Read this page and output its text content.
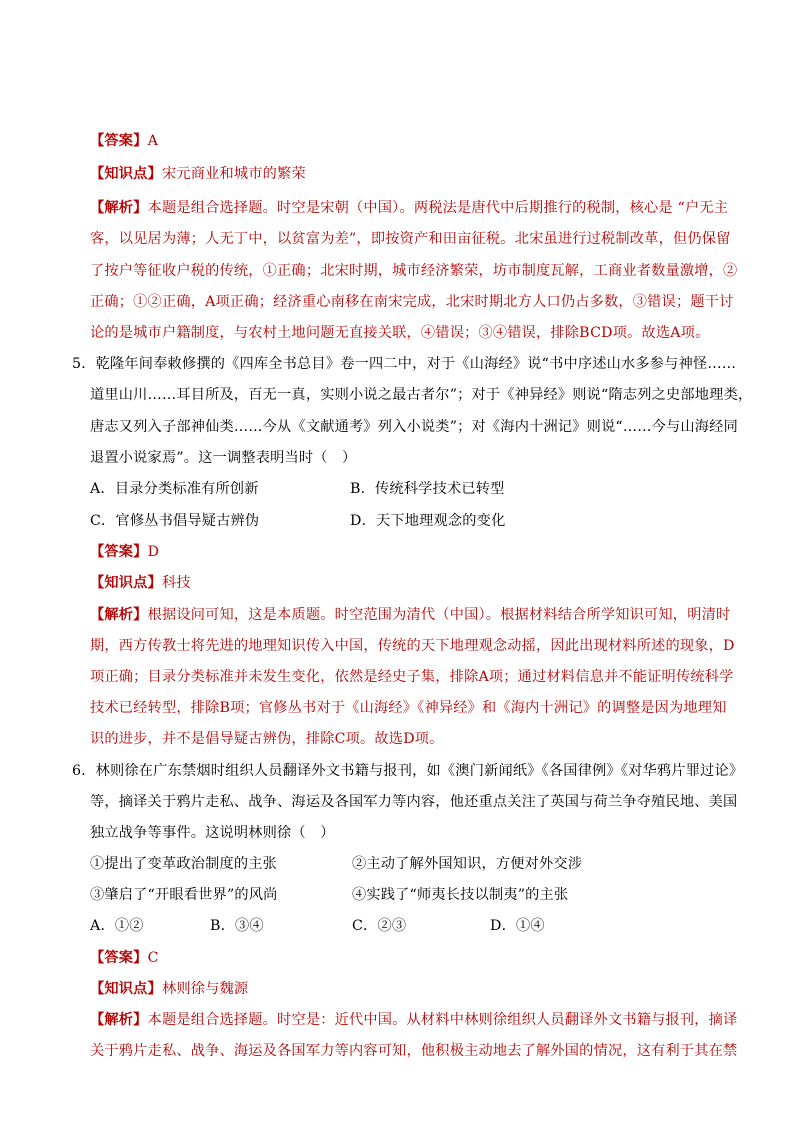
【答案】A
【知识点】宋元商业和城市的繁荣
【解析】本题是组合选择题。时空是宋朝（中国）。两税法是唐代中后期推行的税制，核心是 “户无主
客，以见居为薄；人无丁中，以贫富为差”，即按资产和田亩征税。北宋虽进行过税制改革，但仍保留
了按户等征收户税的传统，①正确；北宋时期，城市经济繁荣，坊市制度瓦解，工商业者数量激增，②
正确；①②正确，A项正确；经济重心南移在南宋完成，北宋时期北方人口仍占多数，③错误；题干讨
论的是城市户籍制度，与农村土地问题无直接关联，④错误；③④错误，排除BCD项。故选A项。
5．乾隆年间奉敕修撰的《四库全书总目》卷一四二中，对于《山海经》说“书中序述山水多参与神怪……
道里山川……耳目所及，百无一真，实则小说之最古者尔”；对于《神异经》则说“隋志列之史部地理类，
唐志又列入子部神仙类……今从《文献通考》列入小说类”；对《海内十洲记》则说“……今与山海经同
退置小说家焉”。这一调整表明当时（　）
A．目录分类标准有所创新	B．传统科学技术已转型
C．官修丛书倡导疑古辨伪	D．天下地理观念的变化
【答案】D
【知识点】科技
【解析】根据设问可知，这是本质题。时空范围为清代（中国）。根据材料结合所学知识可知，明清时
期，西方传教士将先进的地理知识传入中国，传统的天下地理观念动摇，因此出现材料所述的现象，D
项正确；目录分类标准并未发生变化，依然是经史子集，排除A项；通过材料信息并不能证明传统科学
技术已经转型，排除B项；官修丛书对于《山海经》《神异经》和《海内十洲记》的调整是因为地理知
识的进步，并不是倡导疑古辨伪，排除C项。故选D项。
6．林则徐在广东禁烟时组织人员翻译外文书籍与报刊，如《澳门新闻纸》《各国律例》《对华鸦片罪过论》
等，摘译关于鸦片走私、战争、海运及各国军力等内容，他还重点关注了英国与荷兰争夺殖民地、美国
独立战争等事件。这说明林则徐（　）
①提出了变革政治制度的主张	②主动了解外国知识，方便对外交涉
③肇启了“开眼看世界”的风尚	④实践了“师夷长技以制夷”的主张
A．①②	B．③④	C．②③	D．①④
【答案】C
【知识点】林则徐与魏源
【解析】本题是组合选择题。时空是：近代中国。从材料中林则徐组织人员翻译外文书籍与报刊，摘译
关于鸦片走私、战争、海运及各国军力等内容可知，他积极主动地去了解外国的情况，这有利于其在禁
